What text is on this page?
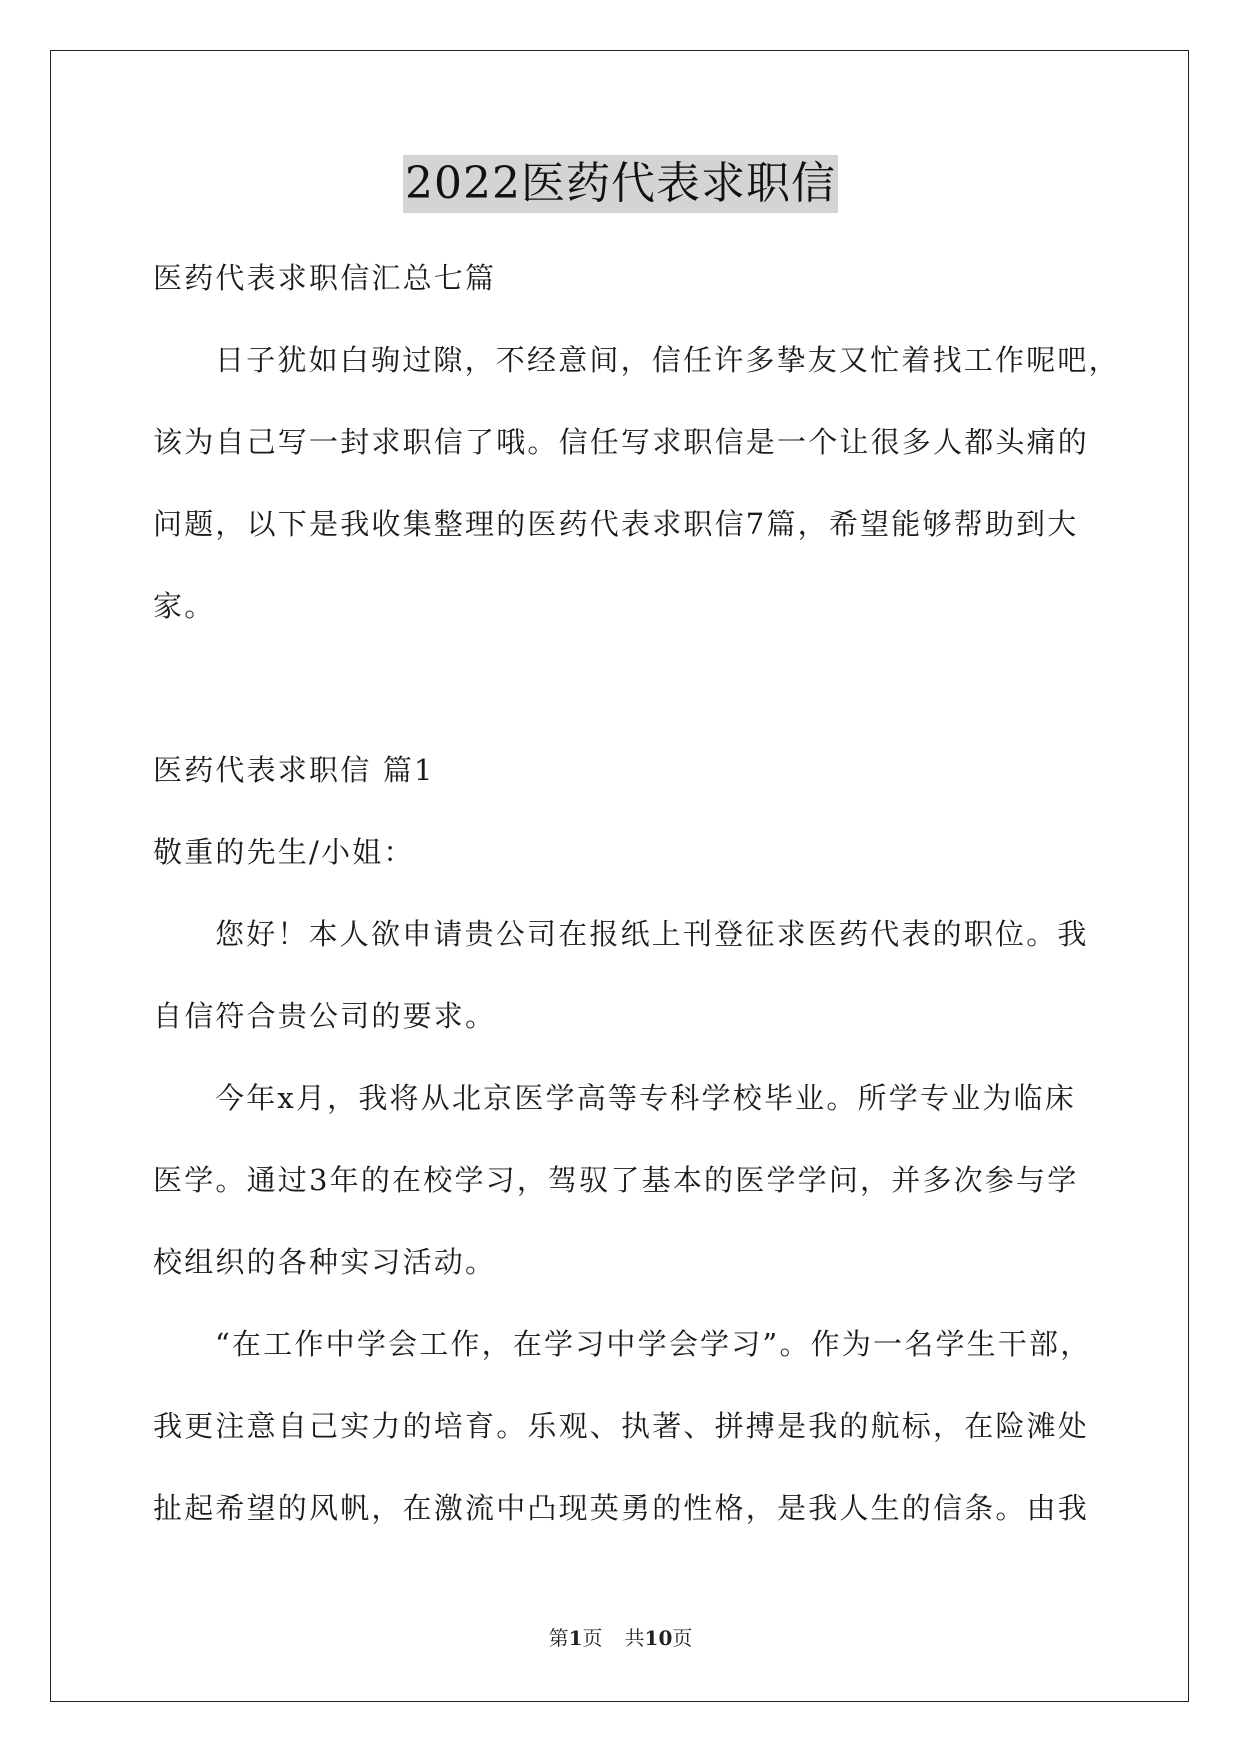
2022医药代表求职信
医药代表求职信汇总七篇
日子犹如白驹过隙，不经意间，信任许多挚友又忙着找工作呢吧，
该为自己写一封求职信了哦。信任写求职信是一个让很多人都头痛的
问题，以下是我收集整理的医药代表求职信7篇，希望能够帮助到大
家。
医药代表求职信 篇1
敬重的先生/小姐：
您好！本人欲申请贵公司在报纸上刊登征求医药代表的职位。我
自信符合贵公司的要求。
今年x月，我将从北京医学高等专科学校毕业。所学专业为临床
医学。通过3年的在校学习，驾驭了基本的医学学问，并多次参与学
校组织的各种实习活动。
“在工作中学会工作，在学习中学会学习”。作为一名学生干部，
我更注意自己实力的培育。乐观、执著、拼搏是我的航标，在险滩处
扯起希望的风帆，在激流中凸现英勇的性格，是我人生的信条。由我
第1页 共10页
